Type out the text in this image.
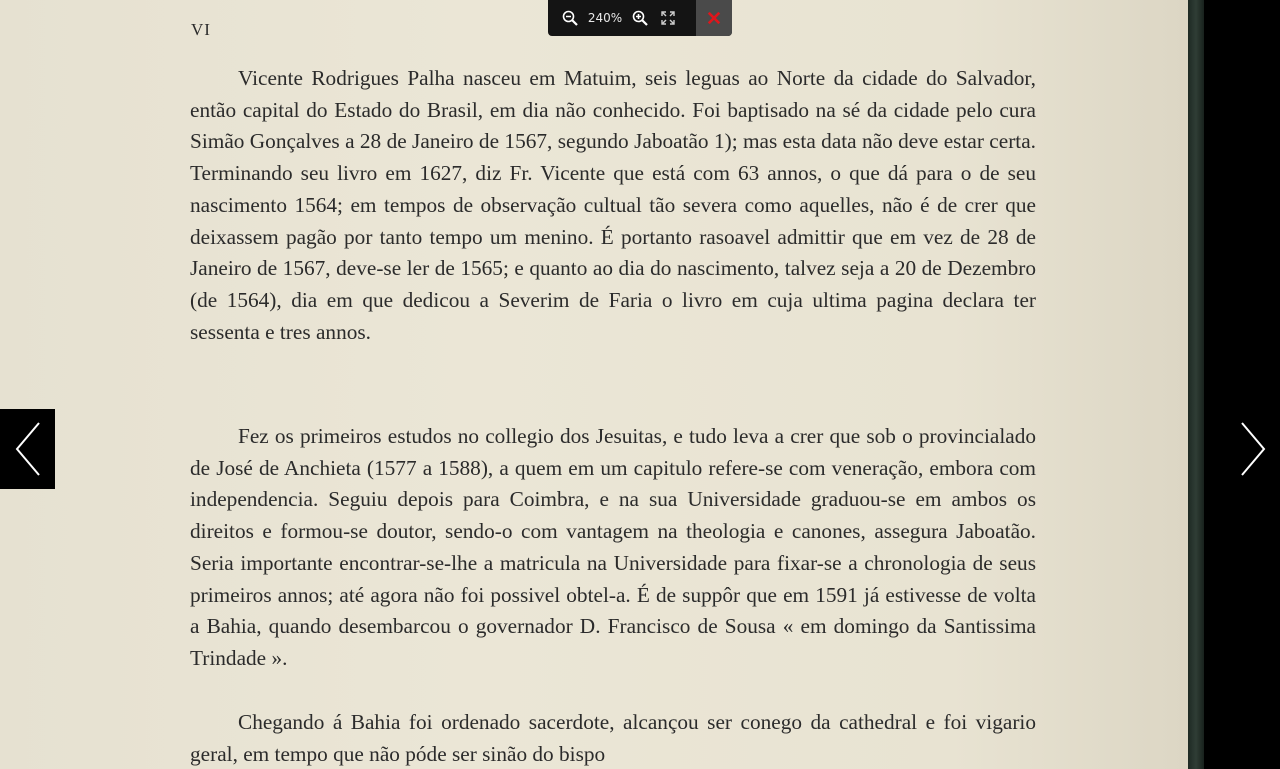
VI

Vicente Rodrigues Palha nasceu em Matuim, seis leguas ao Norte da cidade do Salvador, então capital do Estado do Brasil, em dia não conhecido. Foi baptisado na sé da cidade pelo cura Simão Gonçalves a 28 de Janeiro de 1567, segundo Jaboatão 1); mas esta data não deve estar certa. Terminando seu livro em 1627, diz Fr. Vicente que está com 63 annos, o que dá para o de seu nascimento 1564; em tempos de observação cultual tão severa como aquelles, não é de crer que deixassem pagão por tanto tempo um menino. É portanto rasoavel admittir que em vez de 28 de Janeiro de 1567, deve-se ler de 1565; e quanto ao dia do nascimento, talvez seja a 20 de Dezembro (de 1564), dia em que dedicou a Severim de Faria o livro em cuja ultima pagina declara ter sessenta e tres annos.

Fez os primeiros estudos no collegio dos Jesuitas, e tudo leva a crer que sob o provincialado de José de Anchieta (1577 a 1588), a quem em um capitulo refere-se com veneração, embora com independencia. Seguiu depois para Coimbra, e na sua Universidade graduou-se em ambos os direitos e formou-se doutor, sendo-o com vantagem na theologia e canones, assegura Jaboatão. Seria importante encontrar-se-lhe a matricula na Universidade para fixar-se a chronologia de seus primeiros annos; até agora não foi possivel obtel-a. É de suppôr que em 1591 já estivesse de volta a Bahia, quando desembarcou o governador D. Francisco de Sousa « em domingo da Santissima Trindade ».

Chegando á Bahia foi ordenado sacerdote, alcançou ser conego da cathedral e foi vigario geral, em tempo que não póde ser sinão do bispo

240%
